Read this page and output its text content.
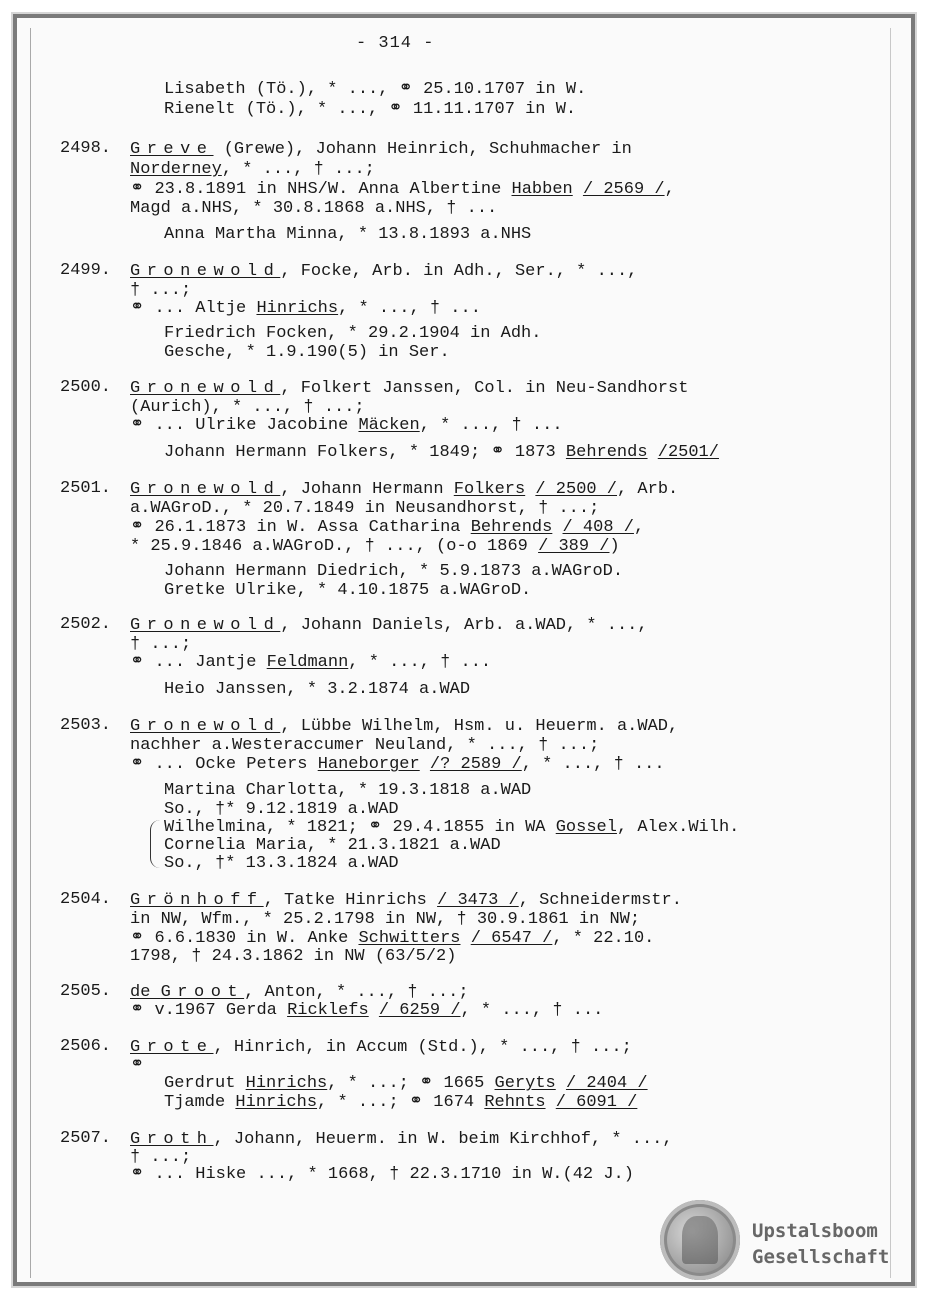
- 314 -
Lisabeth (Tö.), * ..., ⚭ 25.10.1707 in W.
Rienelt (Tö.), * ..., ⚭ 11.11.1707 in W.
2498. Greve (Grewe), Johann Heinrich, Schuhmacher in
Norderney, * ..., † ...;
⚭ 23.8.1891 in NHS/W. Anna Albertine Habben / 2569 /,
Magd a.NHS, * 30.8.1868 a.NHS, † ...
Anna Martha Minna, * 13.8.1893 a.NHS
2499. Gronewold, Focke, Arb. in Adh., Ser., * ...,
† ...;
⚭ ... Altje Hinrichs, * ..., † ...
Friedrich Focken, * 29.2.1904 in Adh.
Gesche, * 1.9.190(5) in Ser.
2500. Gronewold, Folkert Janssen, Col. in Neu-Sandhorst
(Aurich), * ..., † ...;
⚭ ... Ulrike Jacobine Mäcken, * ..., † ...
Johann Hermann Folkers, * 1849; ⚭ 1873 Behrends /2501/
2501. Gronewold, Johann Hermann Folkers / 2500 /, Arb.
a.WAGroD., * 20.7.1849 in Neusandhorst, † ...;
⚭ 26.1.1873 in W. Assa Catharina Behrends / 408 /,
* 25.9.1846 a.WAGroD., † ..., (o-o 1869 / 389 /)
Johann Hermann Diedrich, * 5.9.1873 a.WAGroD.
Gretke Ulrike, * 4.10.1875 a.WAGroD.
2502. Gronewold, Johann Daniels, Arb. a.WAD, * ...,
† ...;
⚭ ... Jantje Feldmann, * ..., † ...
Heio Janssen, * 3.2.1874 a.WAD
2503. Gronewold, Lübbe Wilhelm, Hsm. u. Heuerm. a.WAD,
nachher a.Westeraccumer Neuland, * ..., † ...;
⚭ ... Ocke Peters Haneborger /? 2589 /, * ..., † ...
Martina Charlotta, * 19.3.1818 a.WAD
So., †* 9.12.1819 a.WAD
Wilhelmina, * 1821; ⚭ 29.4.1855 in WA Gossel, Alex.Wilh.
Cornelia Maria, * 21.3.1821 a.WAD
So., †* 13.3.1824 a.WAD
2504. Grönhoff, Tatke Hinrichs / 3473 /, Schneidermstr.
in NW, Wfm., * 25.2.1798 in NW, † 30.9.1861 in NW;
⚭ 6.6.1830 in W. Anke Schwitters / 6547 /, * 22.10.
1798, † 24.3.1862 in NW (63/5/2)
2505. de Groot, Anton, * ..., † ...;
⚭ v.1967 Gerda Ricklefs / 6259 /, * ..., † ...
2506. Grote, Hinrich, in Accum (Std.), * ..., † ...;
⚭
Gerdrut Hinrichs, * ...; ⚭ 1665 Geryts / 2404 /
Tjamde Hinrichs, * ...; ⚭ 1674 Rehnts / 6091 /
2507. Groth, Johann, Heuerm. in W. beim Kirchhof, * ...,
† ...;
⚭ ... Hiske ..., * 1668, † 22.3.1710 in W.(42 J.)
Upstalsboom
Gesellschaft
